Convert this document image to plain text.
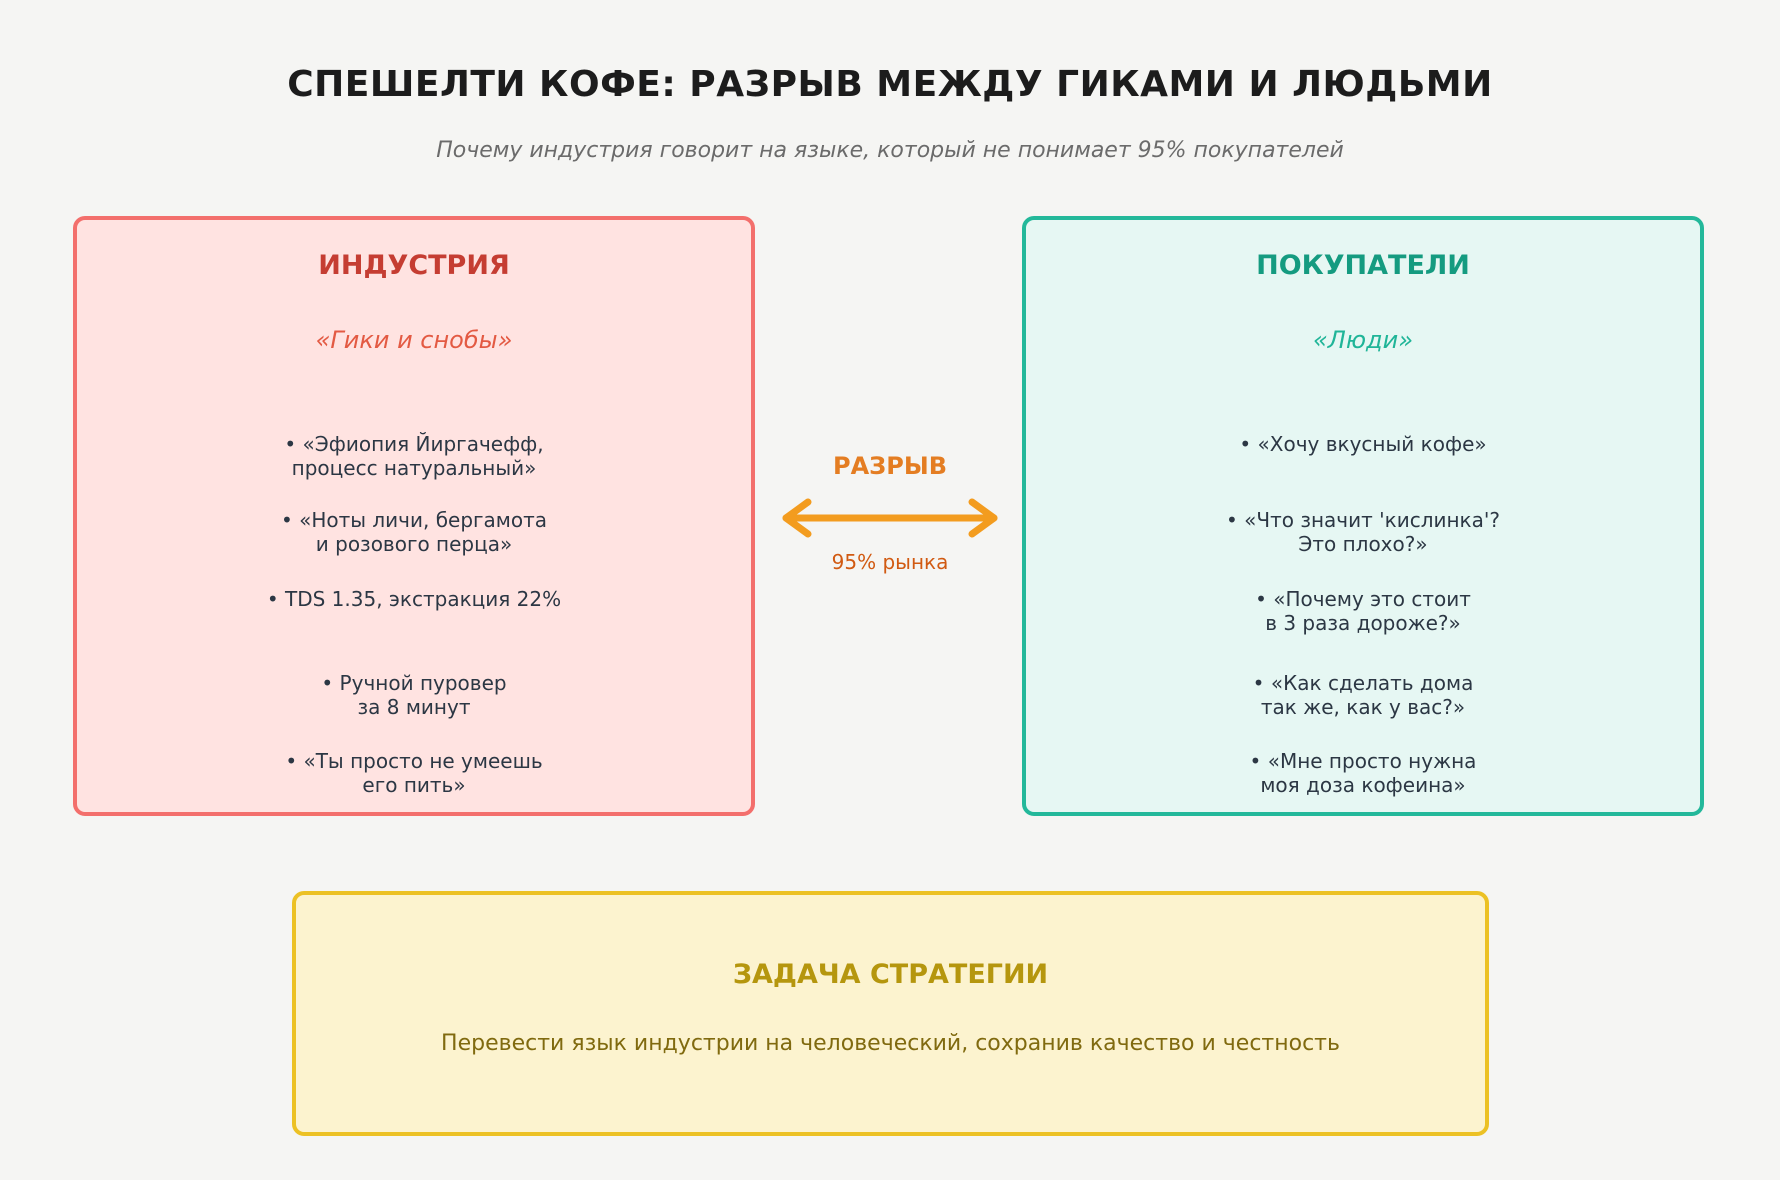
СПЕШЕЛТИ КОФЕ: РАЗРЫВ МЕЖДУ ГИКАМИ И ЛЮДЬМИ
Почему индустрия говорит на языке, который не понимает 95% покупателей
ИНДУСТРИЯ
«Гики и снобы»
• «Эфиопия Йиргачефф,
процесс натуральный»
• «Ноты личи, бергамота
и розового перца»
• TDS 1.35, экстракция 22%
• Ручной пуровер
за 8 минут
• «Ты просто не умеешь
его пить»
РАЗРЫВ
95% рынка
ПОКУПАТЕЛИ
«Люди»
• «Хочу вкусный кофе»
• «Что значит 'кислинка'?
Это плохо?»
• «Почему это стоит
в 3 раза дороже?»
• «Как сделать дома
так же, как у вас?»
• «Мне просто нужна
моя доза кофеина»
ЗАДАЧА СТРАТЕГИИ
Перевести язык индустрии на человеческий, сохранив качество и честность
